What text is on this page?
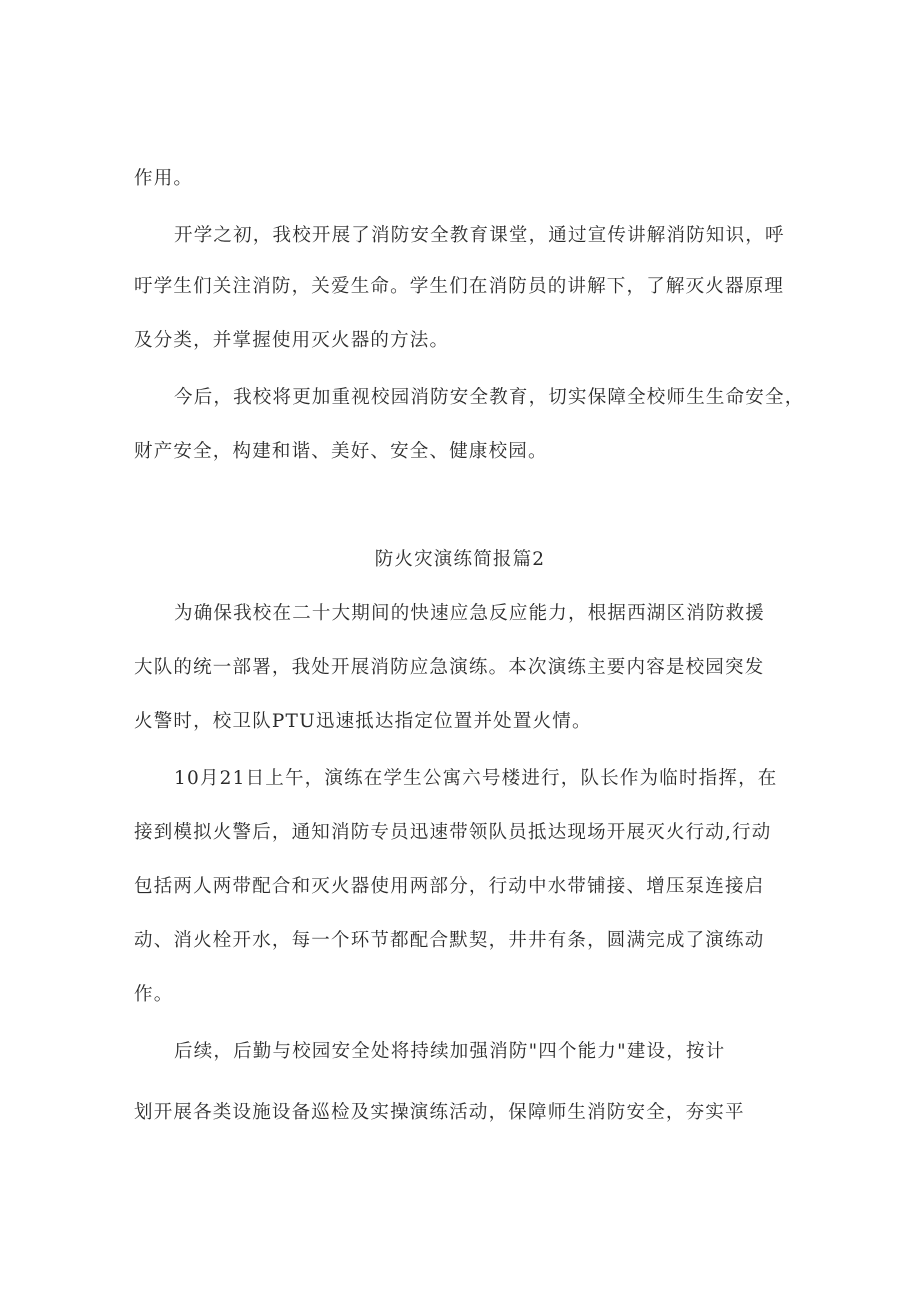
作用。
开学之初，我校开展了消防安全教育课堂，通过宣传讲解消防知识，呼
吁学生们关注消防，关爱生命。学生们在消防员的讲解下，了解灭火器原理
及分类，并掌握使用灭火器的方法。
今后，我校将更加重视校园消防安全教育，切实保障全校师生生命安全，
财产安全，构建和谐、美好、安全、健康校园。
防火灾演练简报篇2
为确保我校在二十大期间的快速应急反应能力，根据西湖区消防救援
大队的统一部署，我处开展消防应急演练。本次演练主要内容是校园突发
火警时，校卫队PTU迅速抵达指定位置并处置火情。
10月21日上午，演练在学生公寓六号楼进行，队长作为临时指挥，在
接到模拟火警后，通知消防专员迅速带领队员抵达现场开展灭火行动,行动
包括两人两带配合和灭火器使用两部分，行动中水带铺接、增压泵连接启
动、消火栓开水，每一个环节都配合默契，井井有条，圆满完成了演练动
作。
后续，后勤与校园安全处将持续加强消防"四个能力"建设，按计
划开展各类设施设备巡检及实操演练活动，保障师生消防安全，夯实平
